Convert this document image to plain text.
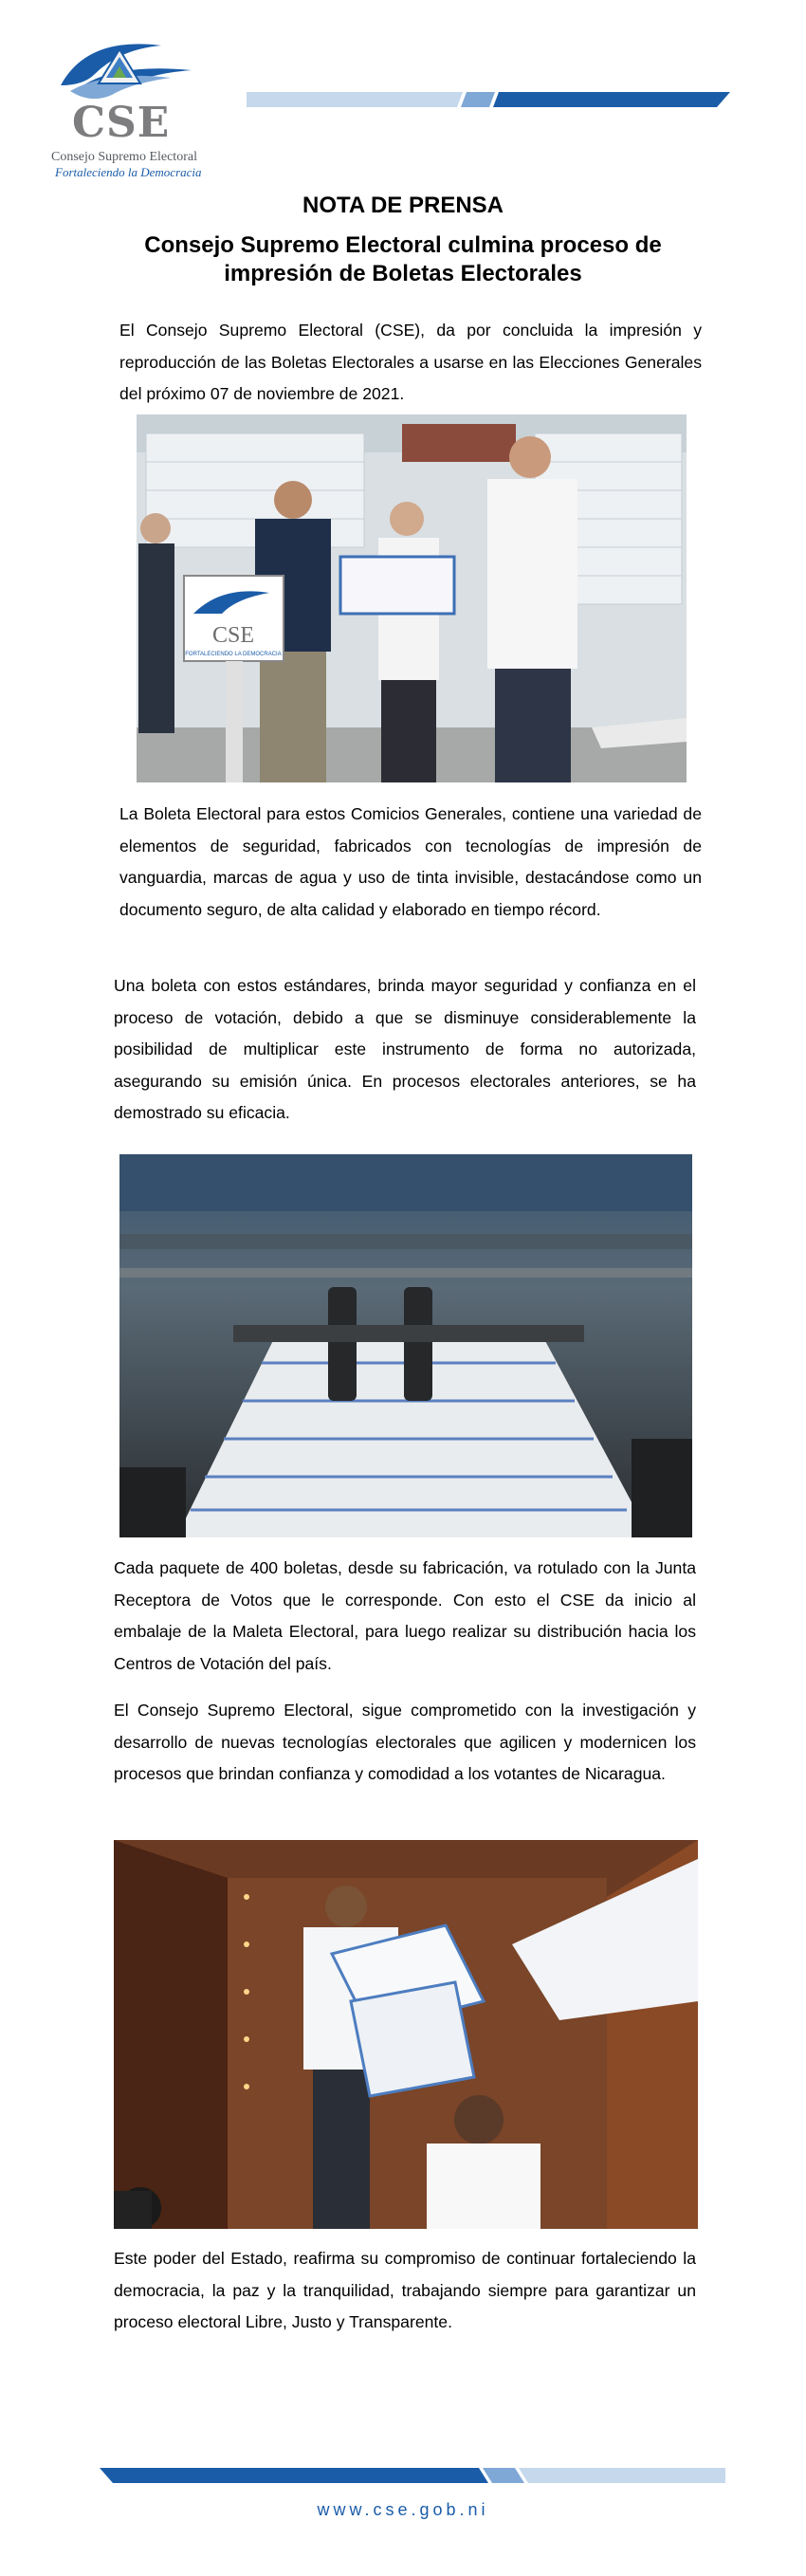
CSE
Consejo Supremo Electoral
Fortaleciendo la Democracia
NOTA DE PRENSA
Consejo Supremo Electoral culmina proceso de impresión de Boletas Electorales

El Consejo Supremo Electoral (CSE), da por concluida la impresión y reproducción de las Boletas Electorales a usarse en las Elecciones Generales del próximo 07 de noviembre de 2021.

CSE
FORTALECIENDO LA DEMOCRACIA

La Boleta Electoral para estos Comicios Generales, contiene una variedad de elementos de seguridad, fabricados con tecnologías de impresión de vanguardia, marcas de agua y uso de tinta invisible, destacándose como un documento seguro, de alta calidad y elaborado en tiempo récord.

Una boleta con estos estándares, brinda mayor seguridad y confianza en el proceso de votación, debido a que se disminuye considerablemente la posibilidad de multiplicar este instrumento de forma no autorizada, asegurando su emisión única. En procesos electorales anteriores, se ha demostrado su eficacia.

Cada paquete de 400 boletas, desde su fabricación, va rotulado con la Junta Receptora de Votos que le corresponde. Con esto el CSE da inicio al embalaje de la Maleta Electoral, para luego realizar su distribución hacia los Centros de Votación del país.

El Consejo Supremo Electoral, sigue comprometido con la investigación y desarrollo de nuevas tecnologías electorales que agilicen y modernicen los procesos que brindan confianza y comodidad a los votantes de Nicaragua.

Este poder del Estado, reafirma su compromiso de continuar fortaleciendo la democracia, la paz y la tranquilidad, trabajando siempre para garantizar un proceso electoral Libre, Justo y Transparente.

www.cse.gob.ni
